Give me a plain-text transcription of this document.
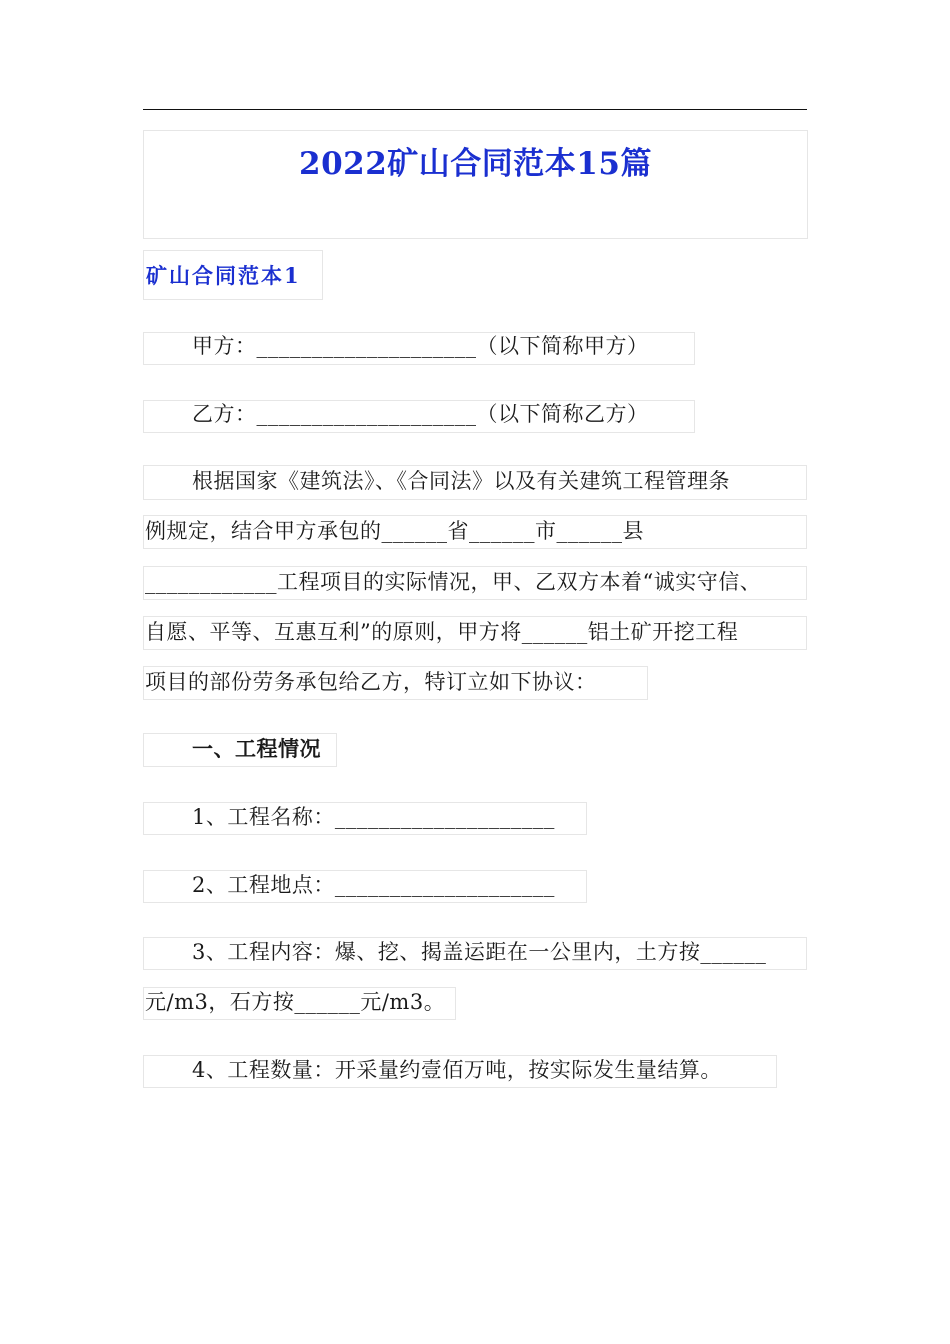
2022矿山合同范本15篇
矿山合同范本1
甲方：____________________（以下简称甲方）
乙方：____________________（以下简称乙方）
根据国家《建筑法》、《合同法》以及有关建筑工程管理条
例规定，结合甲方承包的______省______市______县
____________工程项目的实际情况，甲、乙双方本着“诚实守信、
自愿、平等、互惠互利”的原则，甲方将______铝土矿开挖工程
项目的部份劳务承包给乙方，特订立如下协议：
一、工程情况
1、工程名称：____________________
2、工程地点：____________________
3、工程内容：爆、挖、揭盖运距在一公里内，土方按______
元/m3，石方按______元/m3。
4、工程数量：开采量约壹佰万吨，按实际发生量结算。
